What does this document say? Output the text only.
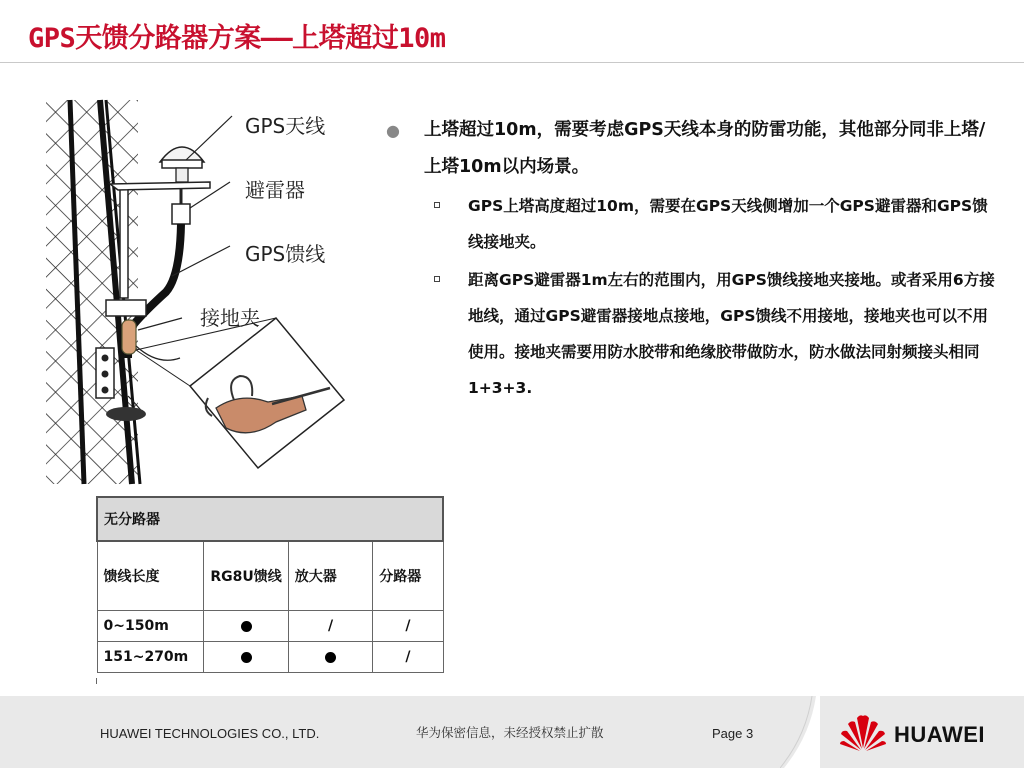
GPS天馈分路器方案——上塔超过10m
GPS天线
避雷器
GPS馈线
接地夹
● 上塔超过10m，需要考虑GPS天线本身的防雷功能，其他部分同非上塔/上塔10m以内场景。
GPS上塔高度超过10m，需要在GPS天线侧增加一个GPS避雷器和GPS馈线接地夹。
距离GPS避雷器1m左右的范围内，用GPS馈线接地夹接地。或者采用6方接地线，通过GPS避雷器接地点接地，GPS馈线不用接地，接地夹也可以不用使用。接地夹需要用防水胶带和绝缘胶带做防水，防水做法同射频接头相同1+3+3.
无分路器			
馈线长度	RG8U馈线	放大器	分路器
0~150m		/	/
151~270m			/
HUAWEI TECHNOLOGIES CO., LTD.	华为保密信息，未经授权禁止扩散	Page 3	HUAWEI
